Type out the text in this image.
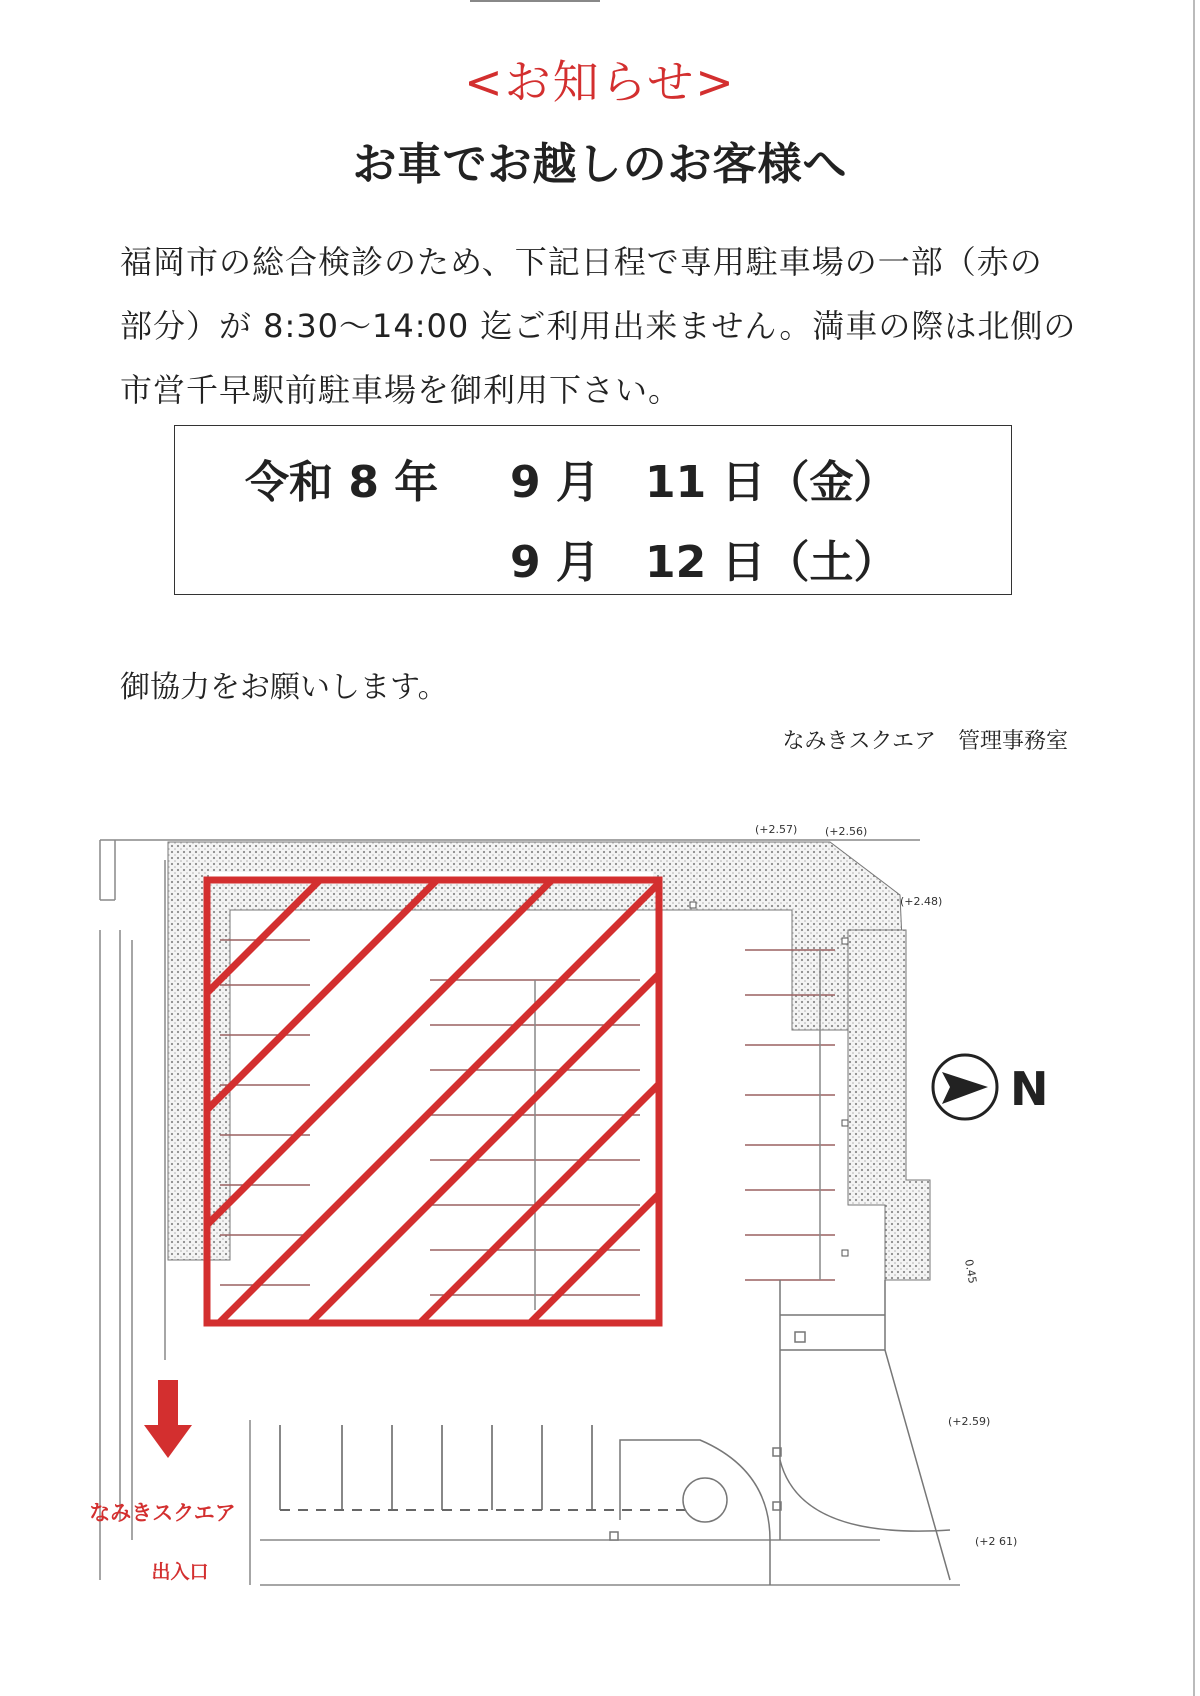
<お知らせ>
お車でお越しのお客様へ
福岡市の総合検診のため、下記日程で専用駐車場の一部（赤の
部分）が 8:30～14:00 迄ご利用出来ません。満車の際は北側の
市営千早駅前駐車場を御利用下さい。
令和 8 年 9 月 11 日（金）
9 月 12 日（土）
御協力をお願いします。
なみきスクエア　管理事務室
(+2.57)	(+2.56)
(+2.48)
0.45
(+2.59)
(+2 61)
N
なみきスクエア
出入口
